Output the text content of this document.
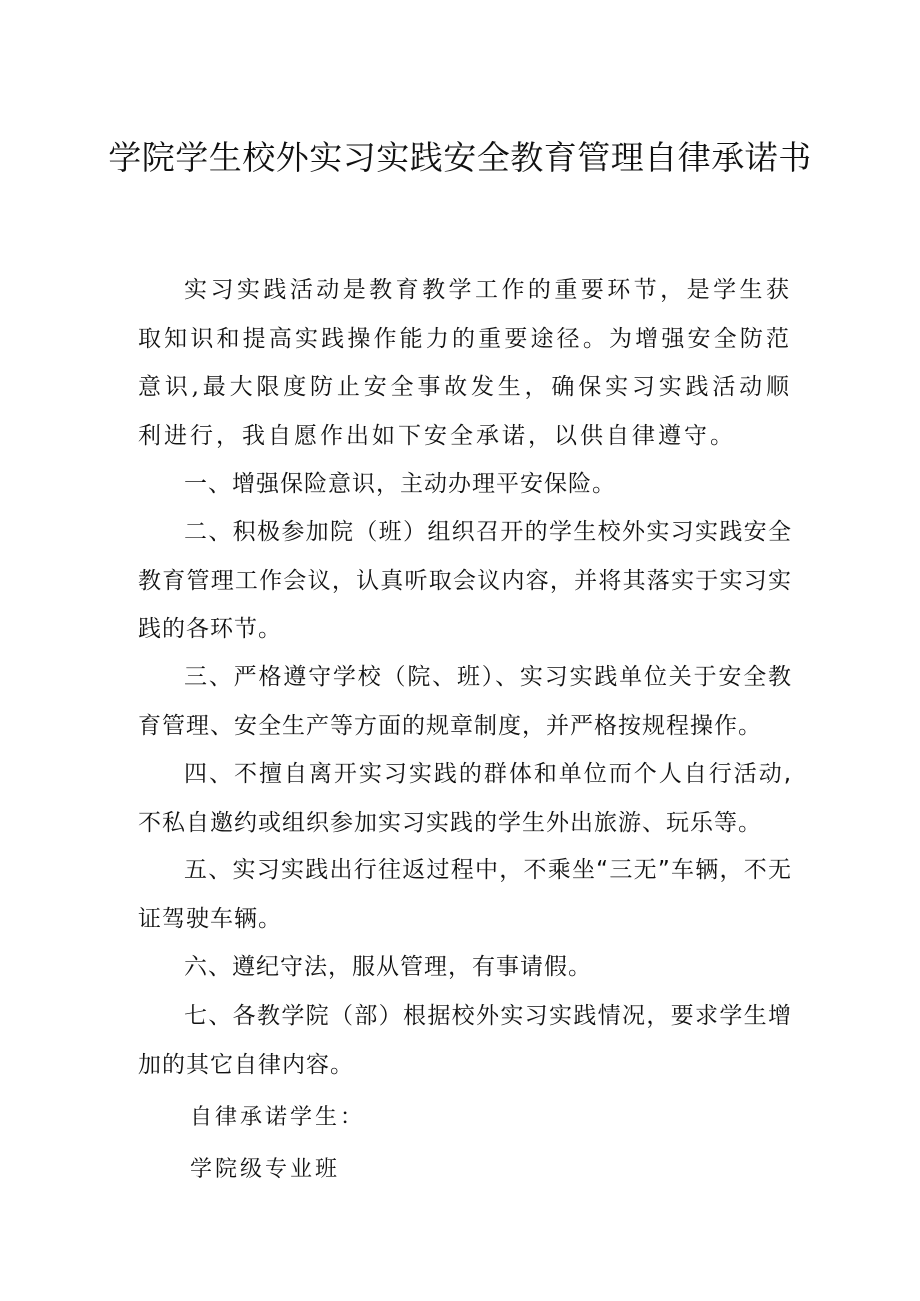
学院学生校外实习实践安全教育管理自律承诺书

实习实践活动是教育教学工作的重要环节，是学生获取知识和提高实践操作能力的重要途径。为增强安全防范意识,最大限度防止安全事故发生，确保实习实践活动顺利进行，我自愿作出如下安全承诺，以供自律遵守。

一、增强保险意识，主动办理平安保险。

二、积极参加院（班）组织召开的学生校外实习实践安全教育管理工作会议，认真听取会议内容，并将其落实于实习实践的各环节。

三、严格遵守学校（院、班）、实习实践单位关于安全教育管理、安全生产等方面的规章制度，并严格按规程操作。

四、不擅自离开实习实践的群体和单位而个人自行活动,不私自邀约或组织参加实习实践的学生外出旅游、玩乐等。

五、实习实践出行往返过程中，不乘坐“三无”车辆，不无证驾驶车辆。

六、遵纪守法，服从管理，有事请假。

七、各教学院（部）根据校外实习实践情况，要求学生增加的其它自律内容。

自律承诺学生：

学院级专业班
